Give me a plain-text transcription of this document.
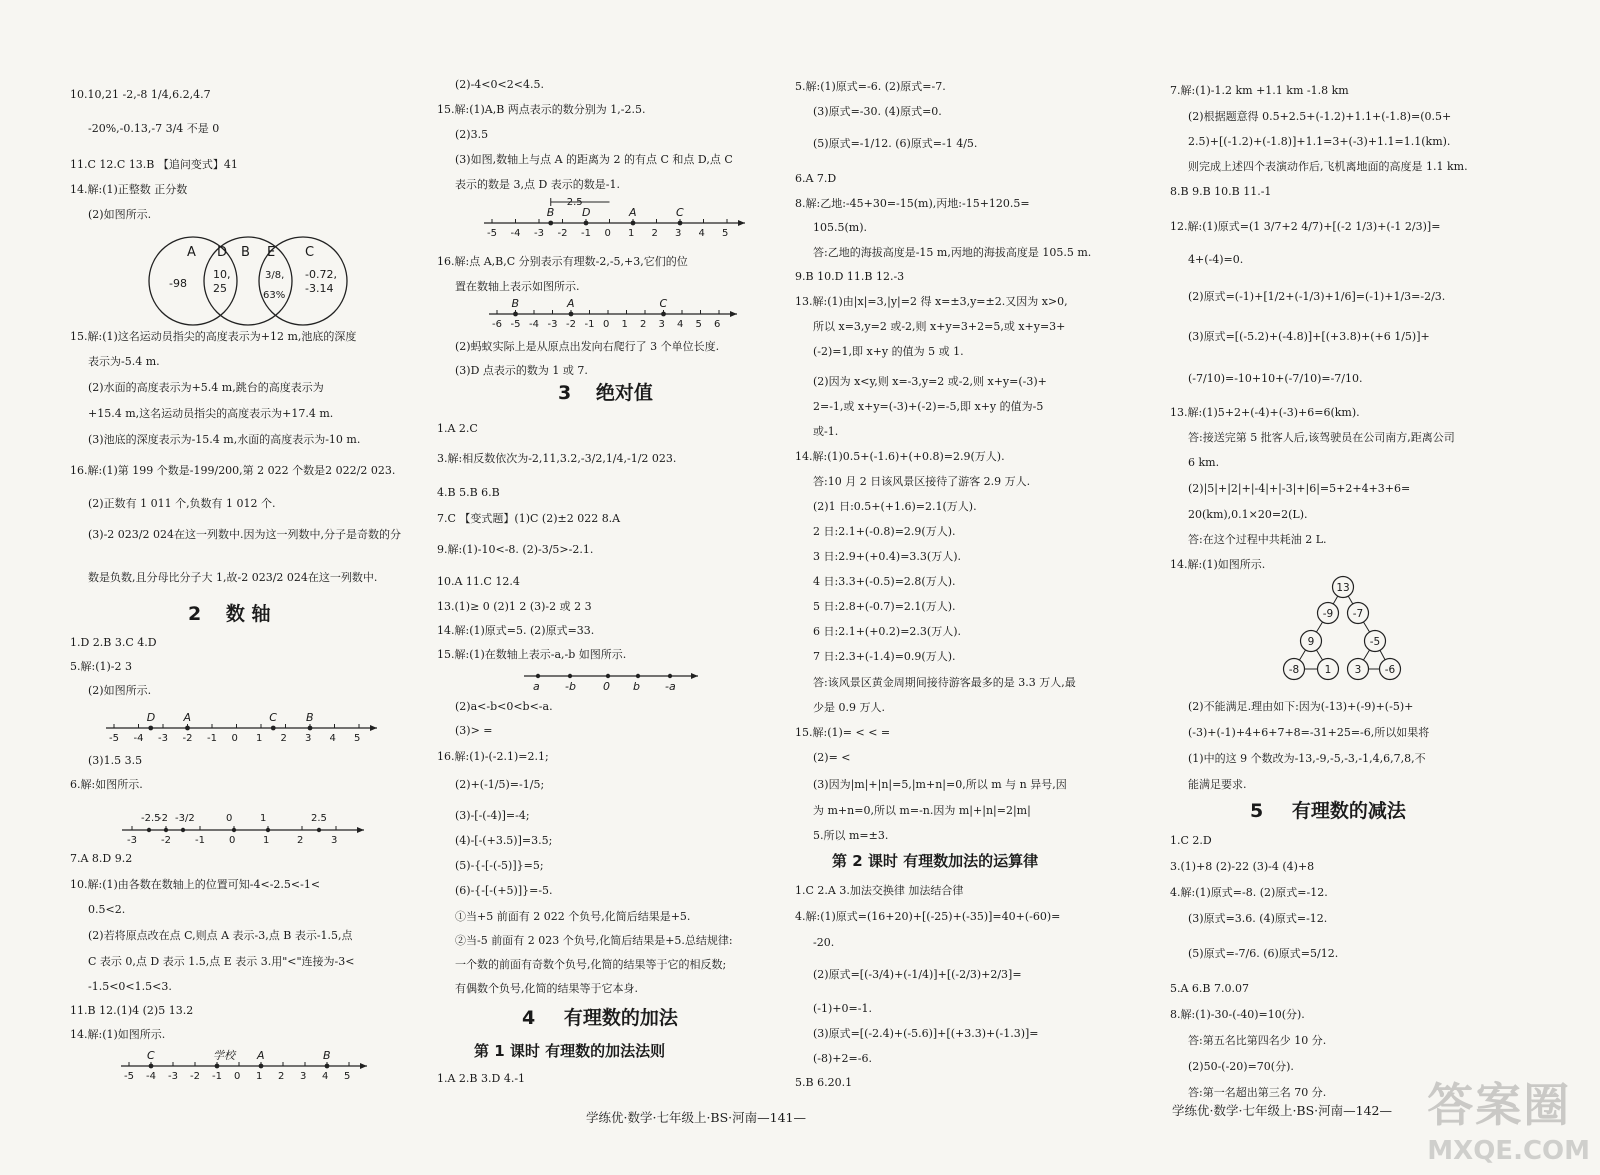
10.10,21 -2,-8 1/4,6.2,4.7
-20%,-0.13,-7 3/4 不是 0
11.C 12.C 13.B 【追问变式】41
14.解:(1)正整数 正分数
(2)如图所示.
15.解:(1)这名运动员指尖的高度表示为+12 m,池底的深度
表示为-5.4 m.
(2)水面的高度表示为+5.4 m,跳台的高度表示为
+15.4 m,这名运动员指尖的高度表示为+17.4 m.
(3)池底的深度表示为-15.4 m,水面的高度表示为-10 m.
16.解:(1)第 199 个数是-199/200,第 2 022 个数是2 022/2 023.
(2)正数有 1 011 个,负数有 1 012 个.
(3)-2 023/2 024在这一列数中.因为这一列数中,分子是奇数的分
数是负数,且分母比分子大 1,故-2 023/2 024在这一列数中.
1.D 2.B 3.C 4.D
5.解:(1)-2 3
(2)如图所示.
(3)1.5 3.5
6.解:如图所示.
7.A 8.D 9.2
10.解:(1)由各数在数轴上的位置可知-4<-2.5<-1<
0.5<2.
(2)若将原点改在点 C,则点 A 表示-3,点 B 表示-1.5,点
C 表示 0,点 D 表示 1.5,点 E 表示 3.用"<"连接为-3<
-1.5<0<1.5<3.
11.B 12.(1)4 (2)5 13.2
14.解:(1)如图所示.
(2)-4<0<2<4.5.
15.解:(1)A,B 两点表示的数分别为 1,-2.5.
(2)3.5
(3)如图,数轴上与点 A 的距离为 2 的有点 C 和点 D,点 C
表示的数是 3,点 D 表示的数是-1.
16.解:点 A,B,C 分别表示有理数-2,-5,+3,它们的位
置在数轴上表示如图所示.
(2)蚂蚁实际上是从原点出发向右爬行了 3 个单位长度.
(3)D 点表示的数为 1 或 7.
1.A 2.C
3.解:相反数依次为-2,11,3.2,-3/2,1/4,-1/2 023.
4.B 5.B 6.B
7.C 【变式题】(1)C (2)±2 022 8.A
9.解:(1)-10<-8. (2)-3/5>-2.1.
10.A 11.C 12.4
13.(1)≥ 0 (2)1 2 (3)-2 或 2 3
14.解:(1)原式=5. (2)原式=33.
15.解:(1)在数轴上表示-a,-b 如图所示.
(2)a<-b<0<b<-a.
(3)> =
16.解:(1)-(-2.1)=2.1;
(2)+(-1/5)=-1/5;
(3)-[-(-4)]=-4;
(4)-[-(+3.5)]=3.5;
(5)-{-[-(-5)]}=5;
(6)-{-[-(+5)]}=-5.
①当+5 前面有 2 022 个负号,化简后结果是+5.
②当-5 前面有 2 023 个负号,化简后结果是+5.总结规律:
一个数的前面有奇数个负号,化简的结果等于它的相反数;
有偶数个负号,化简的结果等于它本身.
1.A 2.B 3.D 4.-1
5.解:(1)原式=-6. (2)原式=-7.
(3)原式=-30. (4)原式=0.
(5)原式=-1/12. (6)原式=-1 4/5.
6.A 7.D
8.解:乙地:-45+30=-15(m),丙地:-15+120.5=
105.5(m).
答:乙地的海拔高度是-15 m,丙地的海拔高度是 105.5 m.
9.B 10.D 11.B 12.-3
13.解:(1)由|x|=3,|y|=2 得 x=±3,y=±2.又因为 x>0,
所以 x=3,y=2 或-2,则 x+y=3+2=5,或 x+y=3+
(-2)=1,即 x+y 的值为 5 或 1.
(2)因为 x<y,则 x=-3,y=2 或-2,则 x+y=(-3)+
2=-1,或 x+y=(-3)+(-2)=-5,即 x+y 的值为-5
或-1.
14.解:(1)0.5+(-1.6)+(+0.8)=2.9(万人).
答:10 月 2 日该风景区接待了游客 2.9 万人.
(2)1 日:0.5+(+1.6)=2.1(万人).
2 日:2.1+(-0.8)=2.9(万人).
3 日:2.9+(+0.4)=3.3(万人).
4 日:3.3+(-0.5)=2.8(万人).
5 日:2.8+(-0.7)=2.1(万人).
6 日:2.1+(+0.2)=2.3(万人).
7 日:2.3+(-1.4)=0.9(万人).
答:该风景区黄金周期间接待游客最多的是 3.3 万人,最
少是 0.9 万人.
15.解:(1)= < < =
(2)= <
(3)因为|m|+|n|=5,|m+n|=0,所以 m 与 n 异号,因
为 m+n=0,所以 m=-n.因为 m|+|n|=2|m|
5.所以 m=±3.
1.C 2.A 3.加法交换律 加法结合律
4.解:(1)原式=(16+20)+[(-25)+(-35)]=40+(-60)=
-20.
(2)原式=[(-3/4)+(-1/4)]+[(-2/3)+2/3]=
(-1)+0=-1.
(3)原式=[(-2.4)+(-5.6)]+[(+3.3)+(-1.3)]=
(-8)+2=-6.
5.B 6.20.1
7.解:(1)-1.2 km +1.1 km -1.8 km
(2)根据题意得 0.5+2.5+(-1.2)+1.1+(-1.8)=(0.5+
2.5)+[(-1.2)+(-1.8)]+1.1=3+(-3)+1.1=1.1(km).
则完成上述四个表演动作后,飞机离地面的高度是 1.1 km.
8.B 9.B 10.B 11.-1
12.解:(1)原式=(1 3/7+2 4/7)+[(-2 1/3)+(-1 2/3)]=
4+(-4)=0.
(2)原式=(-1)+[1/2+(-1/3)+1/6]=(-1)+1/3=-2/3.
(3)原式=[(-5.2)+(-4.8)]+[(+3.8)+(+6 1/5)]+
(-7/10)=-10+10+(-7/10)=-7/10.
13.解:(1)5+2+(-4)+(-3)+6=6(km).
答:接送完第 5 批客人后,该驾驶员在公司南方,距离公司
6 km.
(2)|5|+|2|+|-4|+|-3|+|6|=5+2+4+3+6=
20(km),0.1×20=2(L).
答:在这个过程中共耗油 2 L.
14.解:(1)如图所示.
(2)不能满足.理由如下:因为(-13)+(-9)+(-5)+
(-3)+(-1)+4+6+7+8=-31+25=-6,所以如果将
(1)中的这 9 个数改为-13,-9,-5,-3,-1,4,6,7,8,不
能满足要求.
1.C 2.D
3.(1)+8 (2)-22 (3)-4 (4)+8
4.解:(1)原式=-8. (2)原式=-12.
(3)原式=3.6. (4)原式=-12.
(5)原式=-7/6. (6)原式=5/12.
5.A 6.B 7.0.07
8.解:(1)-30-(-40)=10(分).
答:第五名比第四名少 10 分.
(2)50-(-20)=70(分).
答:第一名超出第三名 70 分.
2 数 轴
3 绝对值
4 有理数的加法
第 1 课时 有理数的加法法则
第 2 课时 有理数加法的运算律
5 有理数的减法
学练优·数学·七年级上·BS·河南—141—	学练优·数学·七年级上·BS·河南—142—
A D B E C
-98
10,
25
3/8,
63%
-0.72,
-3.14
-5 -4 -3 -2 -1 0 1 2 3 4 5
B	D	A	C
2.5
-6 -5 -4 -3 -2 -1 0 1 2 3 4 5 6
B	A	C
-5 -4 -3 -2 -1 0 1 2 3 4 5
D	A	C	B
-3 -2 -1 0	1	2	3
-2.5
-2 -3/2	0	1	2.5
a -b 0 b -a
-5 -4 -3 -2 -1 0 1 2 3 4 5
C	学校 A	B
13
-9 -7
9	-5
-8 1 3 -6
答案圈
MXQE.COM
